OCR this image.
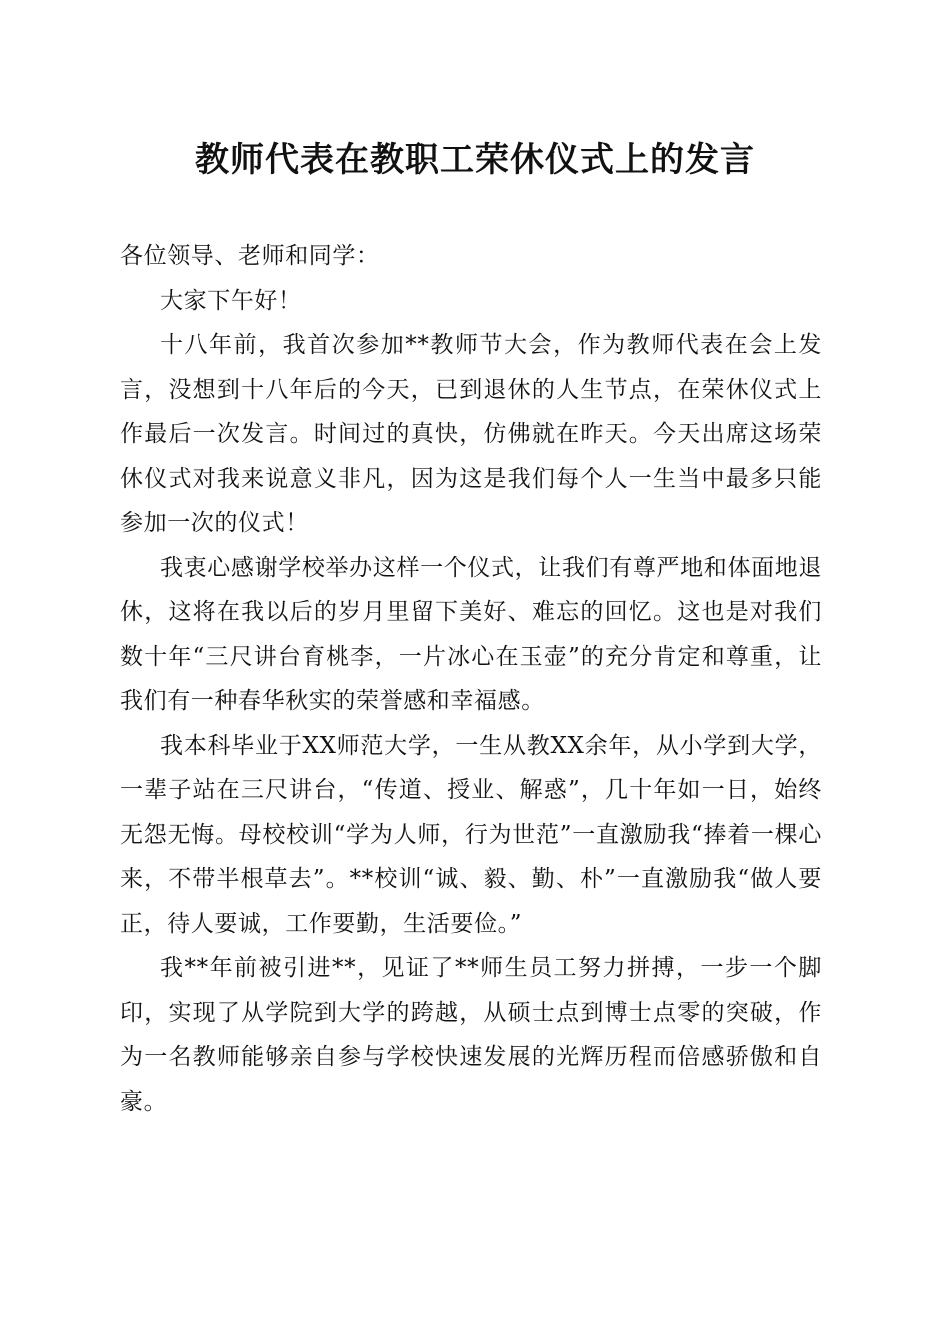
教师代表在教职工荣休仪式上的发言

各位领导、老师和同学：

大家下午好！

十八年前，我首次参加**教师节大会，作为教师代表在会上发言，没想到十八年后的今天，已到退休的人生节点，在荣休仪式上作最后一次发言。时间过的真快，仿佛就在昨天。今天出席这场荣休仪式对我来说意义非凡，因为这是我们每个人一生当中最多只能参加一次的仪式！

我衷心感谢学校举办这样一个仪式，让我们有尊严地和体面地退休，这将在我以后的岁月里留下美好、难忘的回忆。这也是对我们数十年“三尺讲台育桃李，一片冰心在玉壶”的充分肯定和尊重，让我们有一种春华秋实的荣誉感和幸福感。

我本科毕业于XX师范大学，一生从教XX余年，从小学到大学，一辈子站在三尺讲台，“传道、授业、解惑”，几十年如一日，始终无怨无悔。母校校训“学为人师，行为世范”一直激励我“捧着一棵心来，不带半根草去”。**校训“诚、毅、勤、朴”一直激励我“做人要正，待人要诚，工作要勤，生活要俭。”

我**年前被引进**，见证了**师生员工努力拼搏，一步一个脚印，实现了从学院到大学的跨越，从硕士点到博士点零的突破，作为一名教师能够亲自参与学校快速发展的光辉历程而倍感骄傲和自豪。
